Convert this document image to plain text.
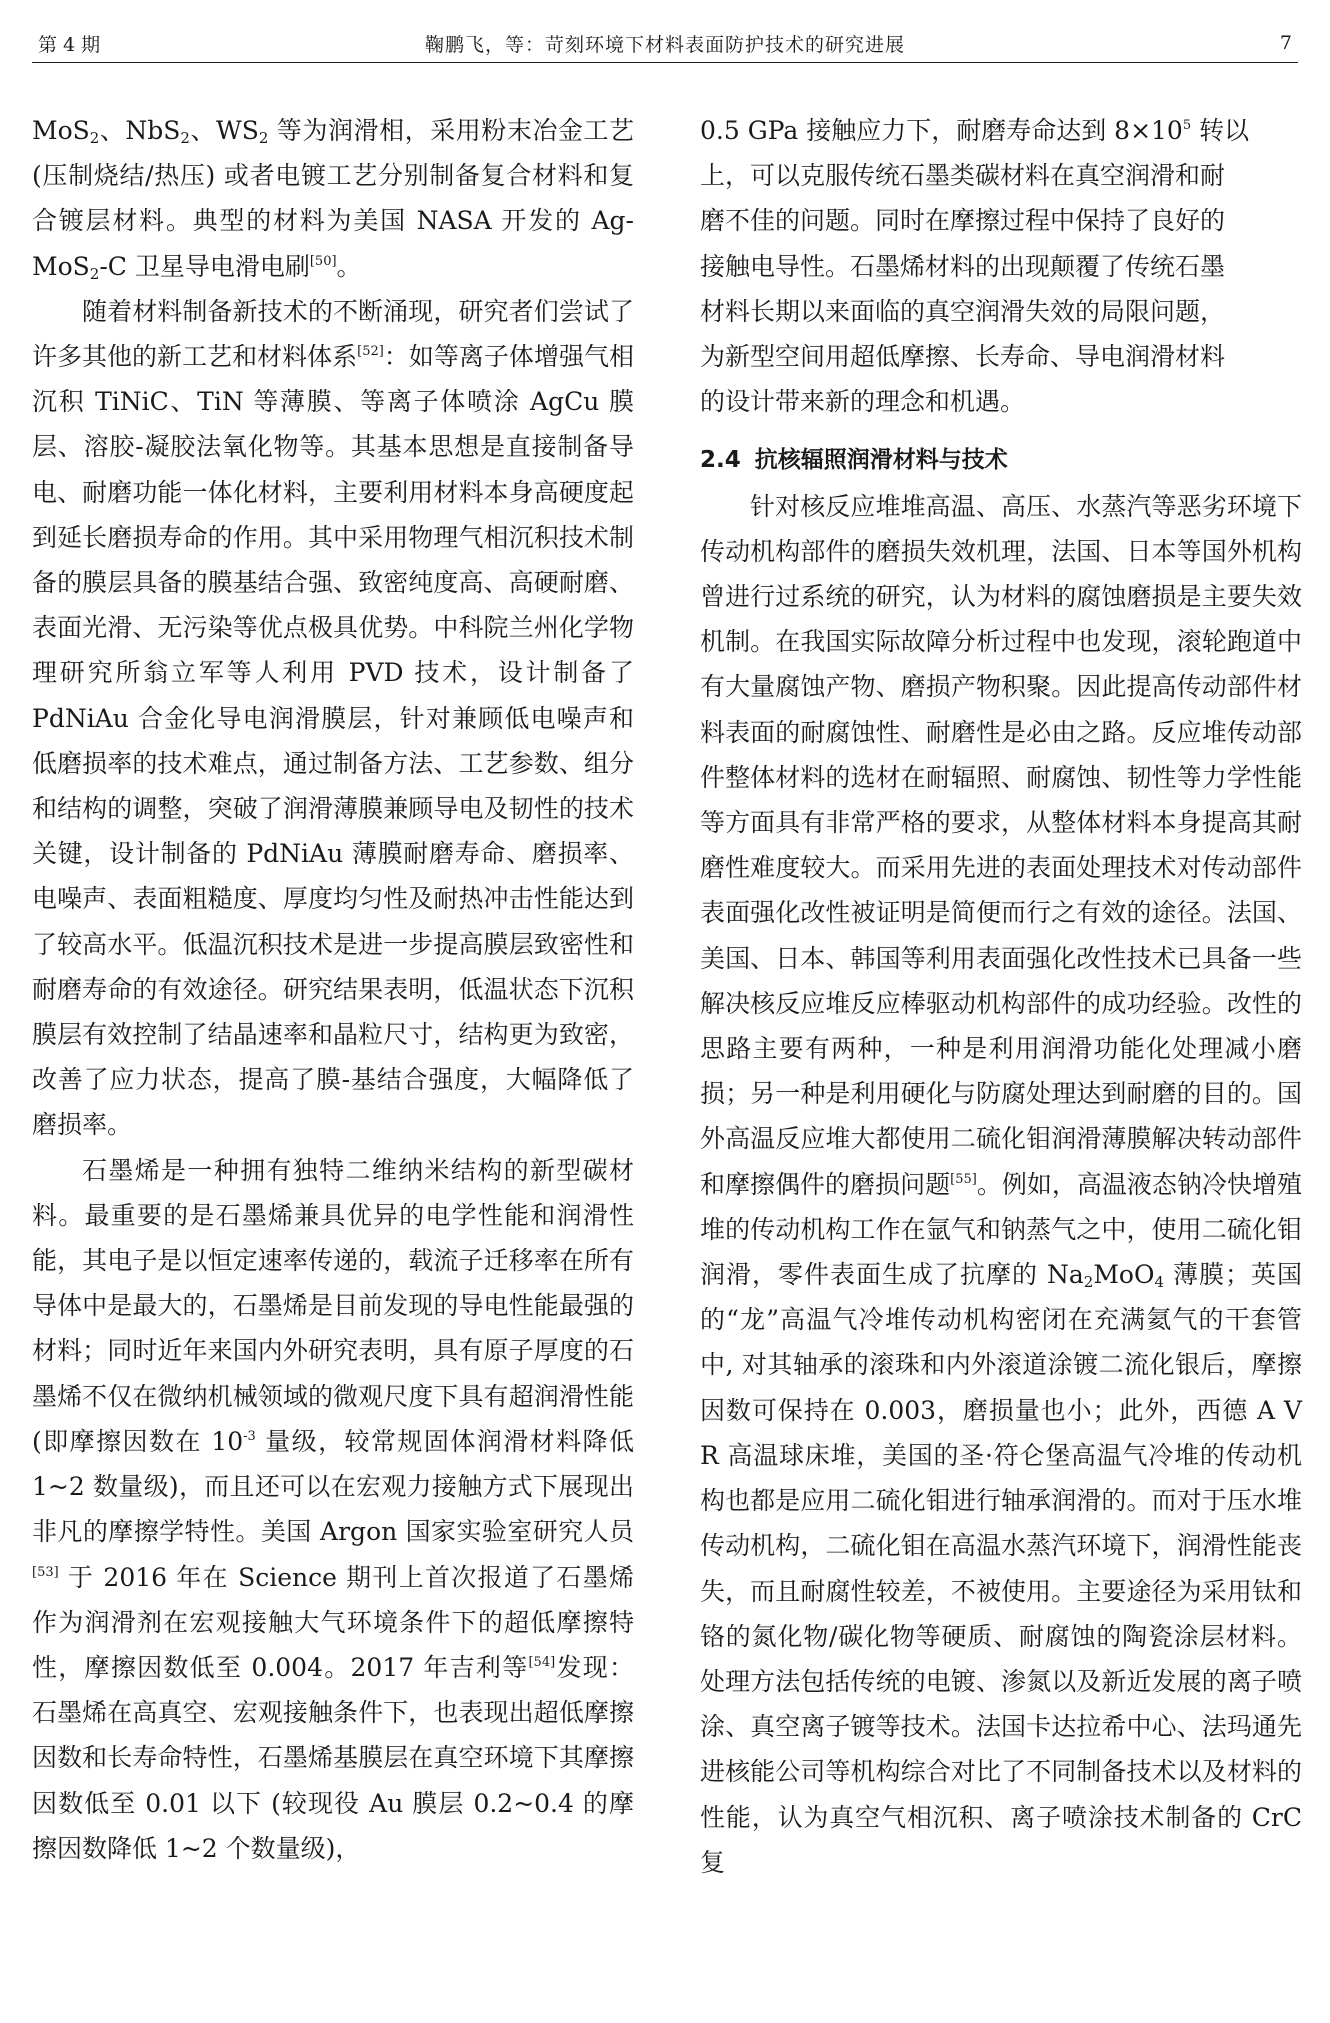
第 4 期	鞠鹏飞，等：苛刻环境下材料表面防护技术的研究进展	7

MoS$_2$、NbS$_2$、$WS_2$ 等为润滑相，采用粉末冶金工艺 (压制烧结/热压) 或者电镀工艺分别制备复合材料和复合镀层材料。典型的材料为美国 NASA 开发的 Ag-MoS$_2$-C 卫星导电滑电刷[50]。

随着材料制备新技术的不断涌现，研究者们尝试了许多其他的新工艺和材料体系[52]：如等离子体增强气相沉积 TiNiC、TiN 等薄膜、等离子体喷涂 AgCu 膜层、溶胶-凝胶法氧化物等。其基本思想是直接制备导电、耐磨功能一体化材料，主要利用材料本身高硬度起到延长磨损寿命的作用。其中采用物理气相沉积技术制备的膜层具备的膜基结合强、致密纯度高、高硬耐磨、表面光滑、无污染等优点极具优势。中科院兰州化学物理研究所翁立军等人利用 PVD 技术，设计制备了 PdNiAu 合金化导电润滑膜层，针对兼顾低电噪声和低磨损率的技术难点，通过制备方法、工艺参数、组分和结构的调整，突破了润滑薄膜兼顾导电及韧性的技术关键，设计制备的 PdNiAu 薄膜耐磨寿命、磨损率、电噪声、表面粗糙度、厚度均匀性及耐热冲击性能达到了较高水平。低温沉积技术是进一步提高膜层致密性和耐磨寿命的有效途径。研究结果表明，低温状态下沉积膜层有效控制了结晶速率和晶粒尺寸，结构更为致密，改善了应力状态，提高了膜-基结合强度，大幅降低了磨损率。

石墨烯是一种拥有独特二维纳米结构的新型碳材料。最重要的是石墨烯兼具优异的电学性能和润滑性能，其电子是以恒定速率传递的，载流子迁移率在所有导体中是最大的，石墨烯是目前发现的导电性能最强的材料；同时近年来国内外研究表明，具有原子厚度的石墨烯不仅在微纳机械领域的微观尺度下具有超润滑性能 (即摩擦因数在 $10^{-3}$ 量级，较常规固体润滑材料降低 1~2 数量级)，而且还可以在宏观力接触方式下展现出非凡的摩擦学特性。美国 Argon 国家实验室研究人员[53] 于 2016 年在 Science 期刊上首次报道了石墨烯作为润滑剂在宏观接触大气环境条件下的超低摩擦特性，摩擦因数低至 0.004。2017 年吉利等[54]发现：石墨烯在高真空、宏观接触条件下，也表现出超低摩擦因数和长寿命特性，石墨烯基膜层在真空环境下其摩擦因数低至 0.01 以下 (较现役 Au 膜层 0.2~0.4 的摩擦因数降低 1~2 个数量级)，

0.5 GPa 接触应力下，耐磨寿命达到 $8\times 10^5$ 转以
上，可以克服传统石墨类碳材料在真空润滑和耐
磨不佳的问题。同时在摩擦过程中保持了良好的
接触电导性。石墨烯材料的出现颠覆了传统石墨
材料长期以来面临的真空润滑失效的局限问题，
为新型空间用超低摩擦、长寿命、导电润滑材料
的设计带来新的理念和机遇。

2.4 抗核辐照润滑材料与技术

针对核反应堆堆高温、高压、水蒸汽等恶劣环境下传动机构部件的磨损失效机理，法国、日本等国外机构曾进行过系统的研究，认为材料的腐蚀磨损是主要失效机制。在我国实际故障分析过程中也发现，滚轮跑道中有大量腐蚀产物、磨损产物积聚。因此提高传动部件材料表面的耐腐蚀性、耐磨性是必由之路。反应堆传动部件整体材料的选材在耐辐照、耐腐蚀、韧性等力学性能等方面具有非常严格的要求，从整体材料本身提高其耐磨性难度较大。而采用先进的表面处理技术对传动部件表面强化改性被证明是简便而行之有效的途径。法国、美国、日本、韩国等利用表面强化改性技术已具备一些解决核反应堆反应棒驱动机构部件的成功经验。改性的思路主要有两种，一种是利用润滑功能化处理减小磨损；另一种是利用硬化与防腐处理达到耐磨的目的。国外高温反应堆大都使用二硫化钼润滑薄膜解决转动部件和摩擦偶件的磨损问题[55]。例如，高温液态钠冷快增殖堆的传动机构工作在氩气和钠蒸气之中，使用二硫化钼润滑，零件表面生成了抗摩的 $Na_2MoO_4$ 薄膜；英国的“龙”高温气冷堆传动机构密闭在充满氦气的干套管中, 对其轴承的滚珠和内外滚道涂镀二流化银后，摩擦因数可保持在 0.003，磨损量也小；此外，西德 A V R 高温球床堆，美国的圣·符仑堡高温气冷堆的传动机构也都是应用二硫化钼进行轴承润滑的。而对于压水堆传动机构，二硫化钼在高温水蒸汽环境下，润滑性能丧失，而且耐腐性较差，不被使用。主要途径为采用钛和铬的氮化物/碳化物等硬质、耐腐蚀的陶瓷涂层材料。处理方法包括传统的电镀、渗氮以及新近发展的离子喷涂、真空离子镀等技术。法国卡达拉希中心、法玛通先进核能公司等机构综合对比了不同制备技术以及材料的性能，认为真空气相沉积、离子喷涂技术制备的 CrC 复
